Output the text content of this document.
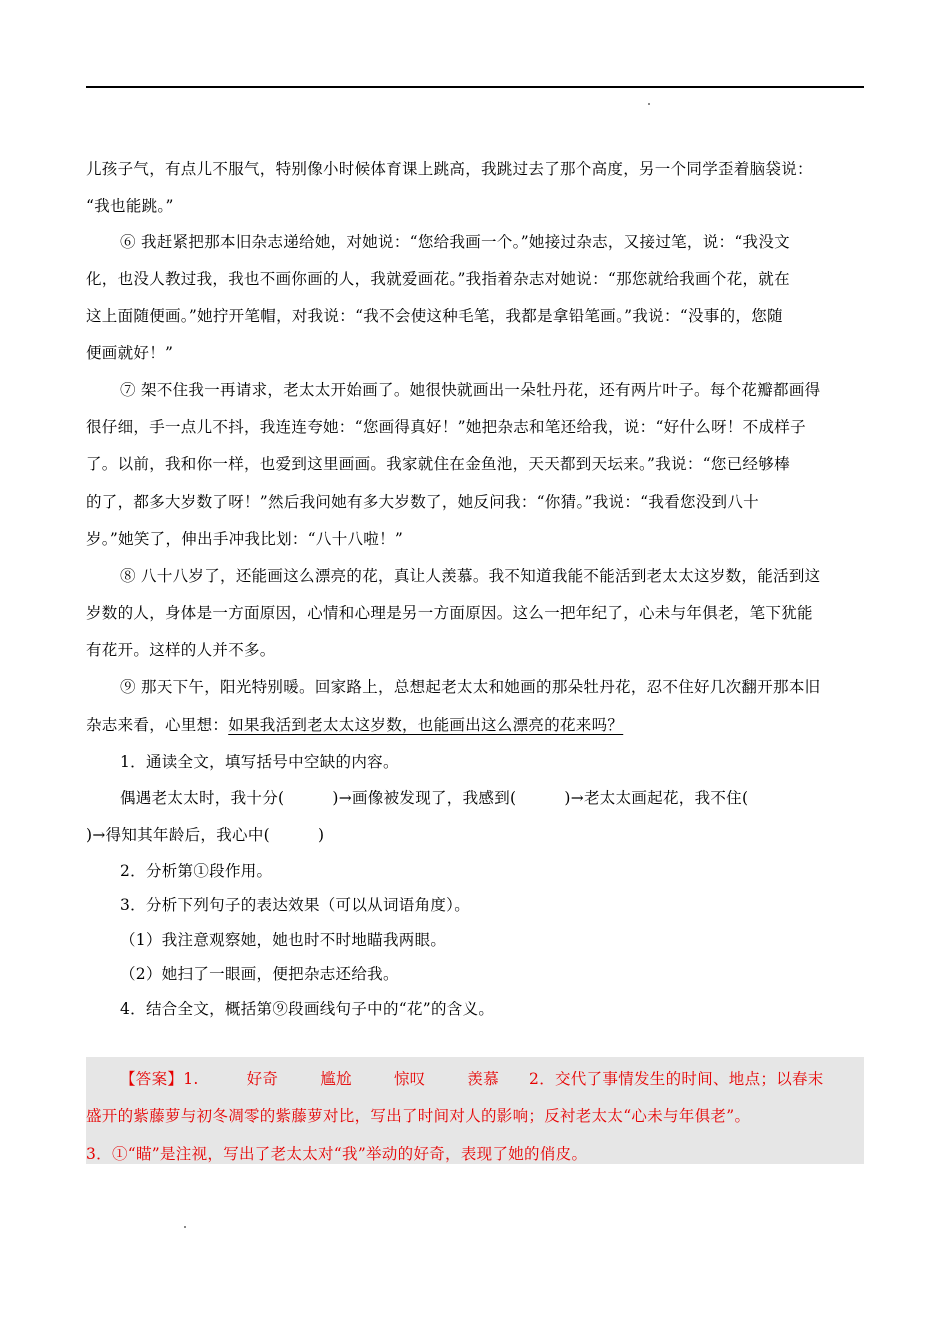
儿孩子气，有点儿不服气，特别像小时候体育课上跳高，我跳过去了那个高度，另一个同学歪着脑袋说：
“我也能跳。”
⑥ 我赶紧把那本旧杂志递给她，对她说：“您给我画一个。”她接过杂志，又接过笔，说：“我没文
化，也没人教过我，我也不画你画的人，我就爱画花。”我指着杂志对她说：“那您就给我画个花，就在
这上面随便画。”她拧开笔帽，对我说：“我不会使这种毛笔，我都是拿铅笔画。”我说：“没事的，您随
便画就好！”
⑦ 架不住我一再请求，老太太开始画了。她很快就画出一朵牡丹花，还有两片叶子。每个花瓣都画得
很仔细，手一点儿不抖，我连连夸她：“您画得真好！”她把杂志和笔还给我，说：“好什么呀！不成样子
了。以前，我和你一样，也爱到这里画画。我家就住在金鱼池，天天都到天坛来。”我说：“您已经够棒
的了，都多大岁数了呀！”然后我问她有多大岁数了，她反问我：“你猜。”我说：“我看您没到八十
岁。”她笑了，伸出手冲我比划：“八十八啦！”
⑧ 八十八岁了，还能画这么漂亮的花，真让人羡慕。我不知道我能不能活到老太太这岁数，能活到这
岁数的人，身体是一方面原因，心情和心理是另一方面原因。这么一把年纪了，心未与年俱老，笔下犹能
有花开。这样的人并不多。
⑨ 那天下午，阳光特别暖。回家路上，总想起老太太和她画的那朵牡丹花，忍不住好几次翻开那本旧
杂志来看，心里想：如果我活到老太太这岁数，也能画出这么漂亮的花来吗？
1．通读全文，填写括号中空缺的内容。
偶遇老太太时，我十分(	)→画像被发现了，我感到(	)→老太太画起花，我不住(
)→得知其年龄后，我心中(	)
2．分析第①段作用。
3．分析下列句子的表达效果（可以从词语角度）。
（1）我注意观察她，她也时不时地瞄我两眼。
（2）她扫了一眼画，便把杂志还给我。
4．结合全文，概括第⑨段画线句子中的“花”的含义。
【答案】1.	好奇	尴尬	惊叹	羡慕 2．交代了事情发生的时间、地点；以春末
盛开的紫藤萝与初冬凋零的紫藤萝对比，写出了时间对人的影响；反衬老太太“心未与年俱老”。
3．①“瞄”是注视，写出了老太太对“我”举动的好奇，表现了她的俏皮。
